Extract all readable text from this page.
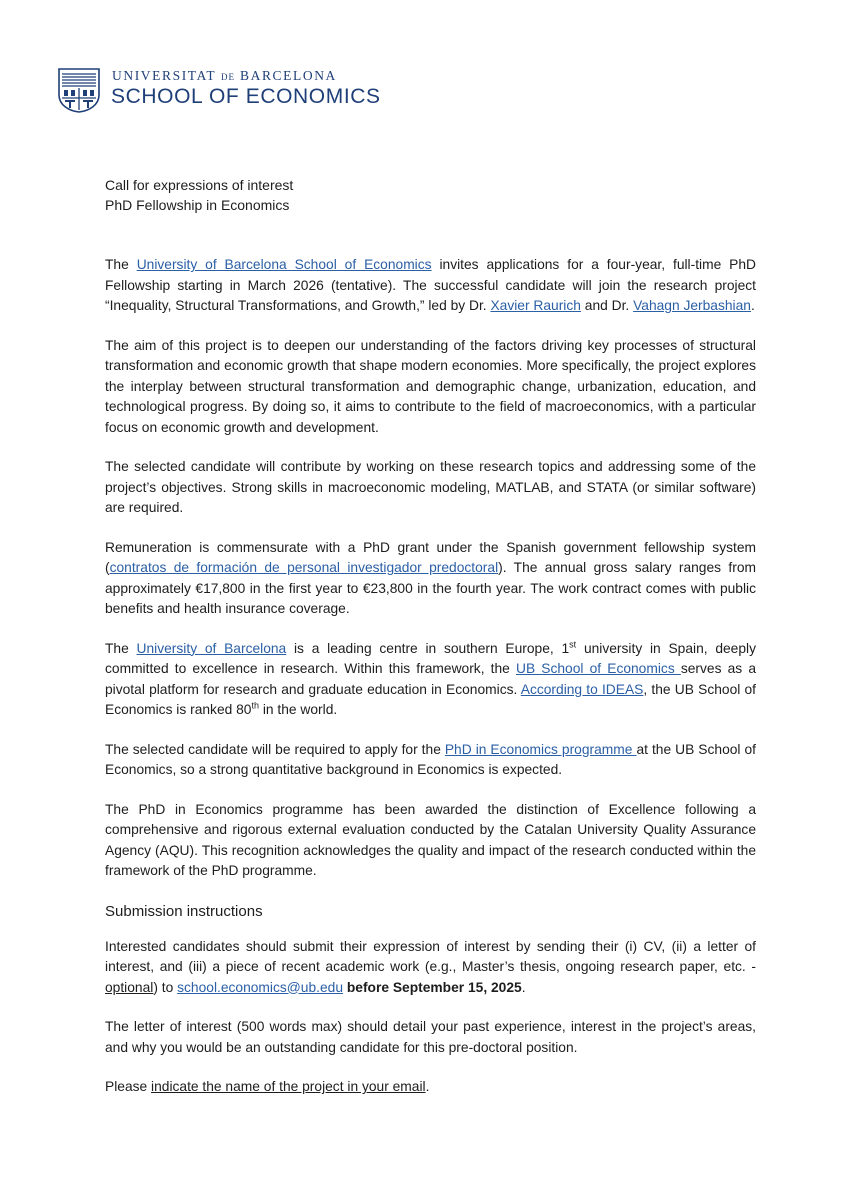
UNIVERSITAT DE BARCELONA
SCHOOL OF ECONOMICS

Call for expressions of interest

PhD Fellowship in Economics

The University of Barcelona School of Economics invites applications for a four-year, full-time PhD Fellowship starting in March 2026 (tentative). The successful candidate will join the research project “Inequality, Structural Transformations, and Growth,” led by Dr. Xavier Raurich and Dr. Vahagn Jerbashian.

The aim of this project is to deepen our understanding of the factors driving key processes of structural transformation and economic growth that shape modern economies. More specifically, the project explores the interplay between structural transformation and demographic change, urbanization, education, and technological progress. By doing so, it aims to contribute to the field of macroeconomics, with a particular focus on economic growth and development.

The selected candidate will contribute by working on these research topics and addressing some of the project’s objectives. Strong skills in macroeconomic modeling, MATLAB, and STATA (or similar software) are required.

Remuneration is commensurate with a PhD grant under the Spanish government fellowship system (contratos de formación de personal investigador predoctoral). The annual gross salary ranges from approximately €17,800 in the first year to €23,800 in the fourth year. The work contract comes with public benefits and health insurance coverage.

The University of Barcelona is a leading centre in southern Europe, 1st university in Spain, deeply committed to excellence in research. Within this framework, the UB School of Economics serves as a pivotal platform for research and graduate education in Economics. According to IDEAS, the UB School of Economics is ranked 80th in the world.

The selected candidate will be required to apply for the PhD in Economics programme at the UB School of Economics, so a strong quantitative background in Economics is expected.

The PhD in Economics programme has been awarded the distinction of Excellence following a comprehensive and rigorous external evaluation conducted by the Catalan University Quality Assurance Agency (AQU). This recognition acknowledges the quality and impact of the research conducted within the framework of the PhD programme.

Submission instructions

Interested candidates should submit their expression of interest by sending their (i) CV, (ii) a letter of interest, and (iii) a piece of recent academic work (e.g., Master’s thesis, ongoing research paper, etc. - optional) to school.economics@ub.edu before September 15, 2025.

The letter of interest (500 words max) should detail your past experience, interest in the project’s areas, and why you would be an outstanding candidate for this pre-doctoral position.

Please indicate the name of the project in your email.
